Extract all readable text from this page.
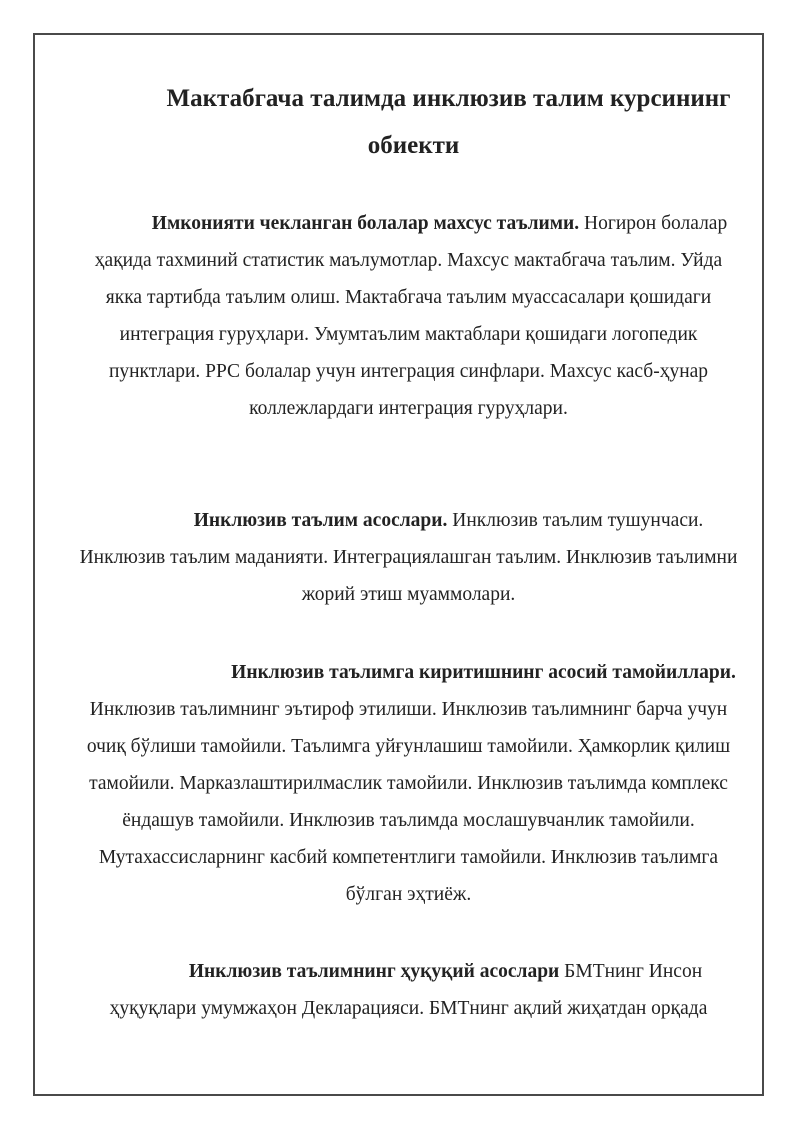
Мактабгача талимда инклюзив талим курсининг
обиекти

Имконияти чекланган болалар махсус таълими. Ногирон болалар ҳақида тахминий статистик маълумотлар. Махсус мактабгача таълим. Уйда якка тартибда таълим олиш. Мактабгача таълим муассасалари қошидаги интеграция гуруҳлари. Умумтаълим мактаблари қошидаги логопедик пунктлари. РРС болалар учун интеграция синфлари. Махсус касб-ҳунар коллежлардаги интеграция гуруҳлари.

Инклюзив таълим асослари. Инклюзив таълим тушунчаси. Инклюзив таълим маданияти. Интеграциялашган таълим. Инклюзив таълимни жорий этиш муаммолари.

Инклюзив таълимга киритишнинг асосий тамойиллари. Инклюзив таълимнинг эътироф этилиши. Инклюзив таълимнинг барча учун очиқ бўлиши тамойили. Таълимга уйғунлашиш тамойили. Ҳамкорлик қилиш тамойили. Марказлаштирилмаслик тамойили. Инклюзив таълимда комплекс ёндашув тамойили. Инклюзив таълимда мослашувчанлик тамойили. Мутахассисларнинг касбий компетентлиги тамойили. Инклюзив таълимга бўлган эҳтиёж.

Инклюзив таълимнинг ҳуқуқий асослари БМТнинг Инсон ҳуқуқлари умумжаҳон Декларацияси. БМТнинг ақлий жиҳатдан орқада
